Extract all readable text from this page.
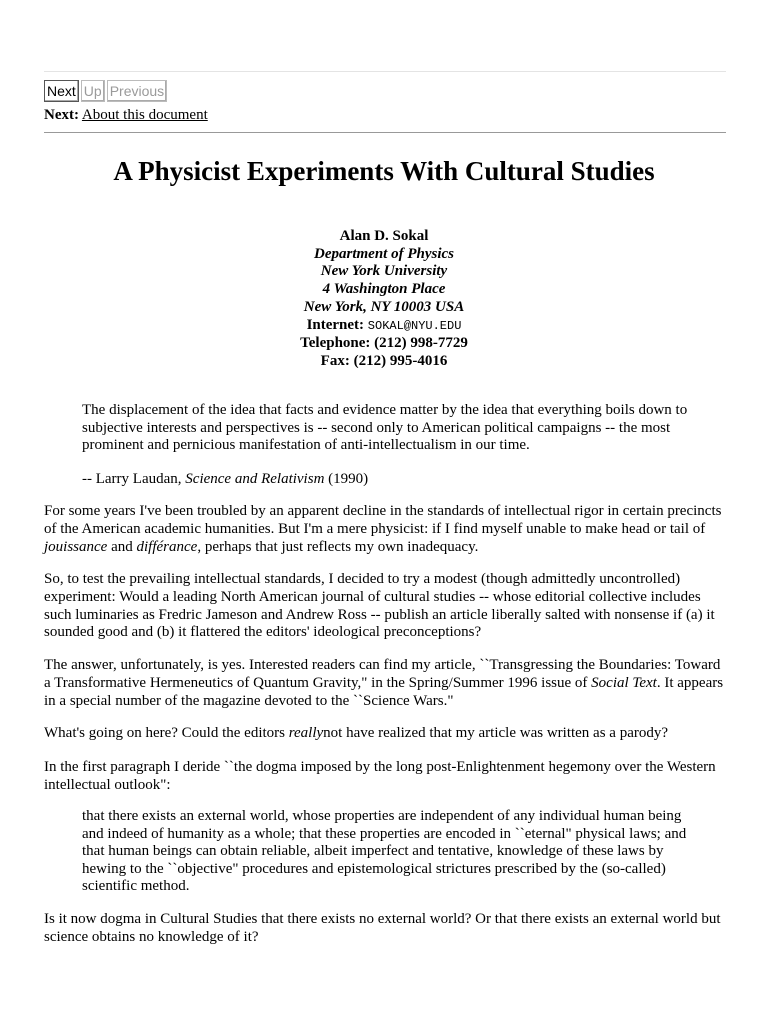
Next Up Previous
Next: About this document
A Physicist Experiments With Cultural Studies
Alan D. Sokal
Department of Physics
New York University
4 Washington Place
New York, NY 10003 USA
Internet: SOKAL@NYU.EDU
Telephone: (212) 998-7729
Fax: (212) 995-4016
The displacement of the idea that facts and evidence matter by the idea that everything boils down to subjective interests and perspectives is -- second only to American political campaigns -- the most prominent and pernicious manifestation of anti-intellectualism in our time.
-- Larry Laudan, Science and Relativism (1990)
For some years I've been troubled by an apparent decline in the standards of intellectual rigor in certain precincts of the American academic humanities. But I'm a mere physicist: if I find myself unable to make head or tail of jouissance and différance, perhaps that just reflects my own inadequacy.
So, to test the prevailing intellectual standards, I decided to try a modest (though admittedly uncontrolled) experiment: Would a leading North American journal of cultural studies -- whose editorial collective includes such luminaries as Fredric Jameson and Andrew Ross -- publish an article liberally salted with nonsense if (a) it sounded good and (b) it flattered the editors' ideological preconceptions?
The answer, unfortunately, is yes. Interested readers can find my article, ``Transgressing the Boundaries: Toward a Transformative Hermeneutics of Quantum Gravity," in the Spring/Summer 1996 issue of Social Text. It appears in a special number of the magazine devoted to the ``Science Wars."
What's going on here? Could the editors reallynot have realized that my article was written as a parody?
In the first paragraph I deride ``the dogma imposed by the long post-Enlightenment hegemony over the Western intellectual outlook":
that there exists an external world, whose properties are independent of any individual human being and indeed of humanity as a whole; that these properties are encoded in ``eternal" physical laws; and that human beings can obtain reliable, albeit imperfect and tentative, knowledge of these laws by hewing to the ``objective" procedures and epistemological strictures prescribed by the (so-called) scientific method.
Is it now dogma in Cultural Studies that there exists no external world? Or that there exists an external world but science obtains no knowledge of it?
